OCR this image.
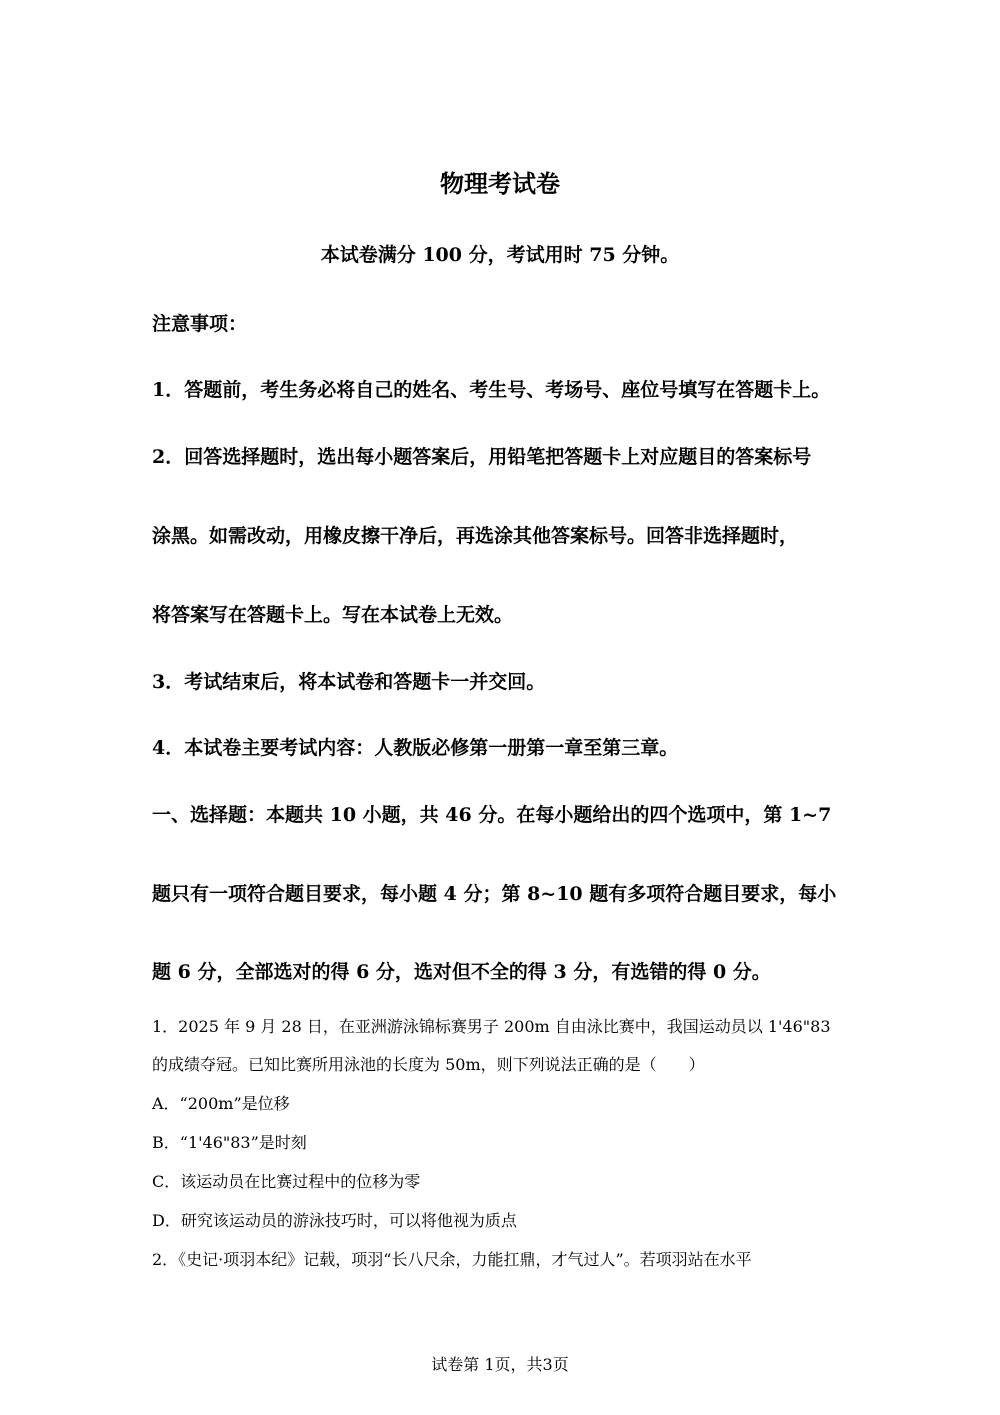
物理考试卷
本试卷满分 100 分，考试用时 75 分钟。
注意事项：
1．答题前，考生务必将自己的姓名、考生号、考场号、座位号填写在答题卡上。
2．回答选择题时，选出每小题答案后，用铅笔把答题卡上对应题目的答案标号
涂黑。如需改动，用橡皮擦干净后，再选涂其他答案标号。回答非选择题时，
将答案写在答题卡上。写在本试卷上无效。
3．考试结束后，将本试卷和答题卡一并交回。
4．本试卷主要考试内容：人教版必修第一册第一章至第三章。
一、选择题：本题共 10 小题，共 46 分。在每小题给出的四个选项中，第 1~7
题只有一项符合题目要求，每小题 4 分；第 8~10 题有多项符合题目要求，每小
题 6 分，全部选对的得 6 分，选对但不全的得 3 分，有选错的得 0 分。
1．2025 年 9 月 28 日，在亚洲游泳锦标赛男子 200m 自由泳比赛中，我国运动员以 1'46"83
的成绩夺冠。已知比赛所用泳池的长度为 50m，则下列说法正确的是（　　）
A．“200m”是位移
B．“1'46"83”是时刻
C．该运动员在比赛过程中的位移为零
D．研究该运动员的游泳技巧时，可以将他视为质点
2．《史记·项羽本纪》记载，项羽“长八尺余，力能扛鼎，才气过人”。若项羽站在水平
试卷第 1页，共3页
